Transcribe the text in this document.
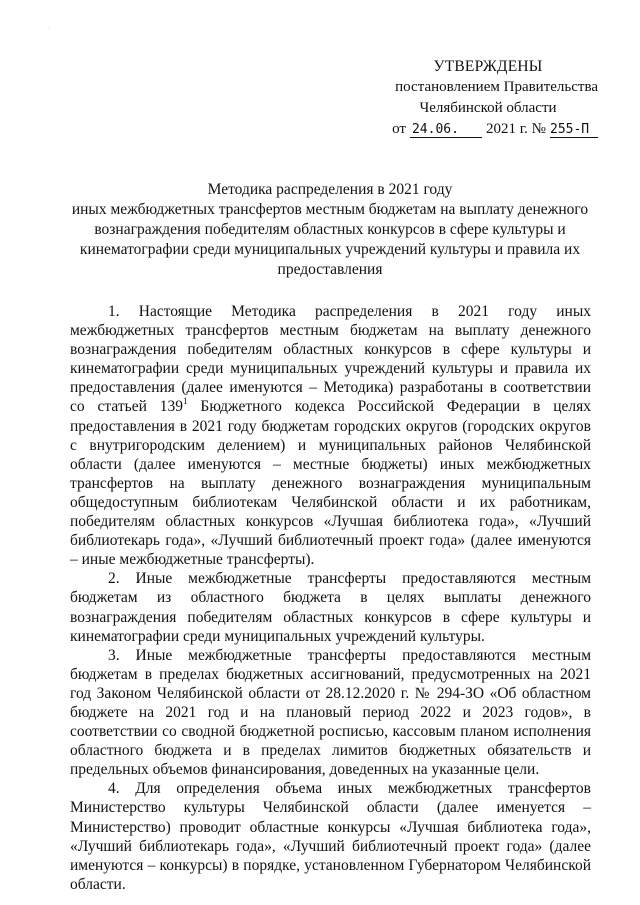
`
УТВЕРЖДЕНЫ
постановлением Правительства
Челябинской области
от 24.06.	2021 г. № 255-П
Методика распределения в 2021 году
иных межбюджетных трансфертов местным бюджетам на выплату денежного
вознаграждения победителям областных конкурсов в сфере культуры и
кинематографии среди муниципальных учреждений культуры и правила их
предоставления

1. Настоящие Методика распределения в 2021 году иных межбюджетных трансфертов местным бюджетам на выплату денежного вознаграждения победителям областных конкурсов в сфере культуры и кинематографии среди муниципальных учреждений культуры и правила их предоставления (далее именуются – Методика) разработаны в соответствии со статьей $139^1$ Бюджетного кодекса Российской Федерации в целях предоставления в 2021 году бюджетам городских округов (городских округов с внутригородским делением) и муниципальных районов Челябинской области (далее именуются – местные бюджеты) иных межбюджетных трансфертов на выплату денежного вознаграждения муниципальным общедоступным библиотекам Челябинской области и их работникам, победителям областных конкурсов «Лучшая библиотека года», «Лучший библиотекарь года», «Лучший библиотечный проект года» (далее именуются – иные межбюджетные трансферты).

2. Иные межбюджетные трансферты предоставляются местным бюджетам из областного бюджета в целях выплаты денежного вознаграждения победителям областных конкурсов в сфере культуры и кинематографии среди муниципальных учреждений культуры.

3. Иные межбюджетные трансферты предоставляются местным бюджетам в пределах бюджетных ассигнований, предусмотренных на 2021 год Законом Челябинской области от 28.12.2020 г. № 294-ЗО «Об областном бюджете на 2021 год и на плановый период 2022 и 2023 годов», в соответствии со сводной бюджетной росписью, кассовым планом исполнения областного бюджета и в пределах лимитов бюджетных обязательств и предельных объемов финансирования, доведенных на указанные цели.

4. Для определения объема иных межбюджетных трансфертов Министерство культуры Челябинской области (далее именуется – Министерство) проводит областные конкурсы «Лучшая библиотека года», «Лучший библиотекарь года», «Лучший библиотечный проект года» (далее именуются – конкурсы) в порядке, установленном Губернатором Челябинской области.
